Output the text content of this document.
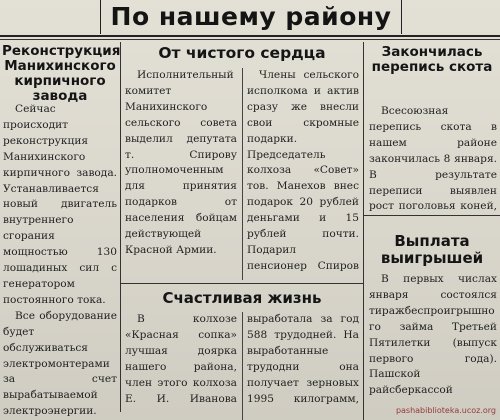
По нашему району
Реконструкция Манихинского кирпичного завода

Сейчас происходит реконструкция Манихинского кирпичного завода. Устанавливается новый двигатель внутреннего сгорания мощностью 130 лошадиных сил с генератором постоянного тока.

Все оборудование будет обслуживаться электромонтерами за счет вырабатываемой электроэнергии.

От чистого сердца

Исполнительный комитет Манихинского сельского совета выделил депутата т. Спирову уполномоченным для принятия подарков от населения бойцам действующей Красной Армии.

Члены сельского исполкома и актив сразу же внесли свои скромные подарки. Председатель колхоза «Совет» тов. Манехов внес подарок 20 рублей деньгами и 15 рублей почти. Подарил пенсионер Спиров

Счастливая жизнь

В колхозе «Красная сопка» лучшая доярка нашего района, член этого колхоза Е. И. Иванова выработала за год 588 трудодней. На выработанные трудодни она получает зерновых 1995 килограмм,

Закончилась перепись скота

Всесоюзная перепись скота в нашем районе закончилась 8 января. В результате переписи выявлен рост поголовья коней,

Выплата выигрышей

В первых числах января состоялся тиражбеспроигрышного займа Третьей Пятилетки (выпуск первого года). Пашской райсберкассой

pashabiblioteka.ucoz.org
